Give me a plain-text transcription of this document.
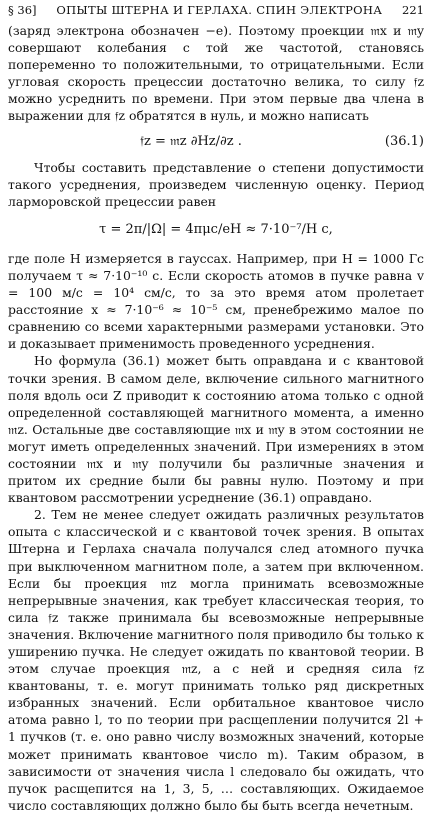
§ 36] ОПЫТЫ ШТЕРНА И ГЕРЛАХА. СПИН ЭЛЕКТРОНА 221

(заряд электрона обозначен −e). Поэтому проекции 𝔪x и 𝔪y совершают колебания с той же частотой, становясь попеременно то положительными, то отрицательными. Если угловая скорость прецессии достаточно велика, то силу 𝔣z можно усреднить по времени. При этом первые два члена в выражении для 𝔣z обратятся в нуль, и можно написать

𝔣z = 𝔪z ∂Hz/∂z .	(36.1)

Чтобы составить представление о степени допустимости такого усреднения, произведем численную оценку. Период ларморовской прецессии равен

τ = 2π/|Ω| = 4πμc/eH ≈ 7·10⁻⁷/H с,

где поле H измеряется в гауссах. Например, при H = 1000 Гс получаем τ ≈ 7·10⁻¹⁰ с. Если скорость атомов в пучке равна v = 100 м/с = 10⁴ см/с, то за это время атом пролетает расстояние x ≈ 7·10⁻⁶ ≈ 10⁻⁵ см, пренебрежимо малое по сравнению со всеми характерными размерами установки. Это и доказывает применимость проведенного усреднения.

Но формула (36.1) может быть оправдана и с квантовой точки зрения. В самом деле, включение сильного магнитного поля вдоль оси Z приводит к состоянию атома только с одной определенной составляющей магнитного момента, а именно 𝔪z. Остальные две составляющие 𝔪x и 𝔪y в этом состоянии не могут иметь определенных значений. При измерениях в этом состоянии 𝔪x и 𝔪y получили бы различные значения и притом их средние были бы равны нулю. Поэтому и при квантовом рассмотрении усреднение (36.1) оправдано.

2. Тем не менее следует ожидать различных результатов опыта с классической и с квантовой точек зрения. В опытах Штерна и Герлаха сначала получался след атомного пучка при выключенном магнитном поле, а затем при включенном. Если бы проекция 𝔪z могла принимать всевозможные непрерывные значения, как требует классическая теория, то сила 𝔣z также принимала бы всевозможные непрерывные значения. Включение магнитного поля приводило бы только к уширению пучка. Не следует ожидать по квантовой теории. В этом случае проекция 𝔪z, а с ней и средняя сила 𝔣z квантованы, т. е. могут принимать только ряд дискретных избранных значений. Если орбитальное квантовое число атома равно l, то по теории при расщеплении получится 2l + 1 пучков (т. е. оно равно числу возможных значений, которые может принимать квантовое число m). Таким образом, в зависимости от значения числа l следовало бы ожидать, что пучок расщепится на 1, 3, 5, … составляющих. Ожидаемое число составляющих должно было бы быть всегда нечетным.
